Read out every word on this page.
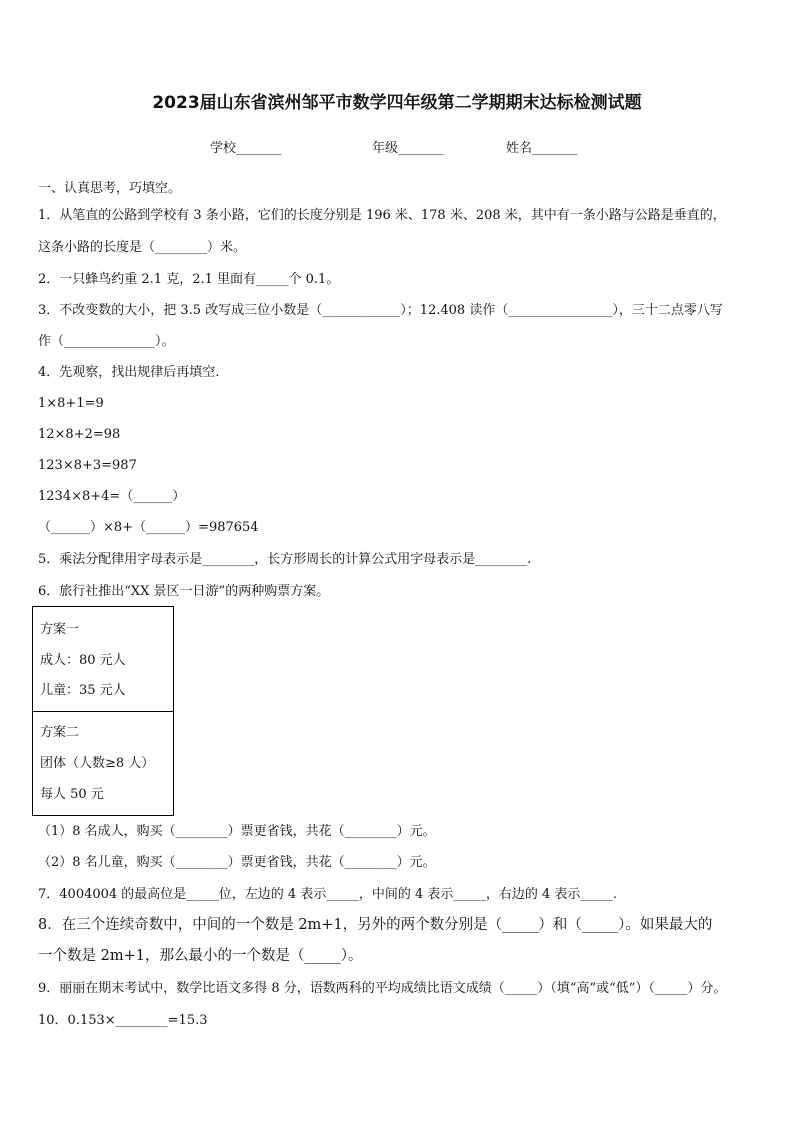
2023届山东省滨州邹平市数学四年级第二学期期末达标检测试题
学校_______	年级_______	姓名_______
一、认真思考，巧填空。
1．从笔直的公路到学校有 3 条小路，它们的长度分别是 196 米、178 米、208 米，其中有一条小路与公路是垂直的，
这条小路的长度是（________）米。
2．一只蜂鸟约重 2.1 克，2.1 里面有_____个 0.1。
3．不改变数的大小，把 3.5 改写成三位小数是（____________）；12.408 读作（________________），三十二点零八写
作（______________）。
4．先观察，找出规律后再填空.
1×8+1=9
12×8+2=98
123×8+3=987
1234×8+4=（______）
（______）×8+（______）=987654
5．乘法分配律用字母表示是________，长方形周长的计算公式用字母表示是________.
6．旅行社推出“XX 景区一日游”的两种购票方案。
方案一
成人：80 元人
儿童：35 元人
方案二
团体（人数≥8 人）
每人 50 元
（1）8 名成人，购买（________）票更省钱，共花（________）元。
（2）8 名儿童，购买（________）票更省钱，共花（________）元。
7．4004004 的最高位是_____位，左边的 4 表示_____，中间的 4 表示_____，右边的 4 表示_____.
8．在三个连续奇数中，中间的一个数是 2m+1，另外的两个数分别是（_____）和（_____）。如果最大的
一个数是 2m+1，那么最小的一个数是（_____）。
9．丽丽在期末考试中，数学比语文多得 8 分，语数两科的平均成绩比语文成绩（_____）（填“高”或“低”）（_____）分。
10．0.153×________=15.3
